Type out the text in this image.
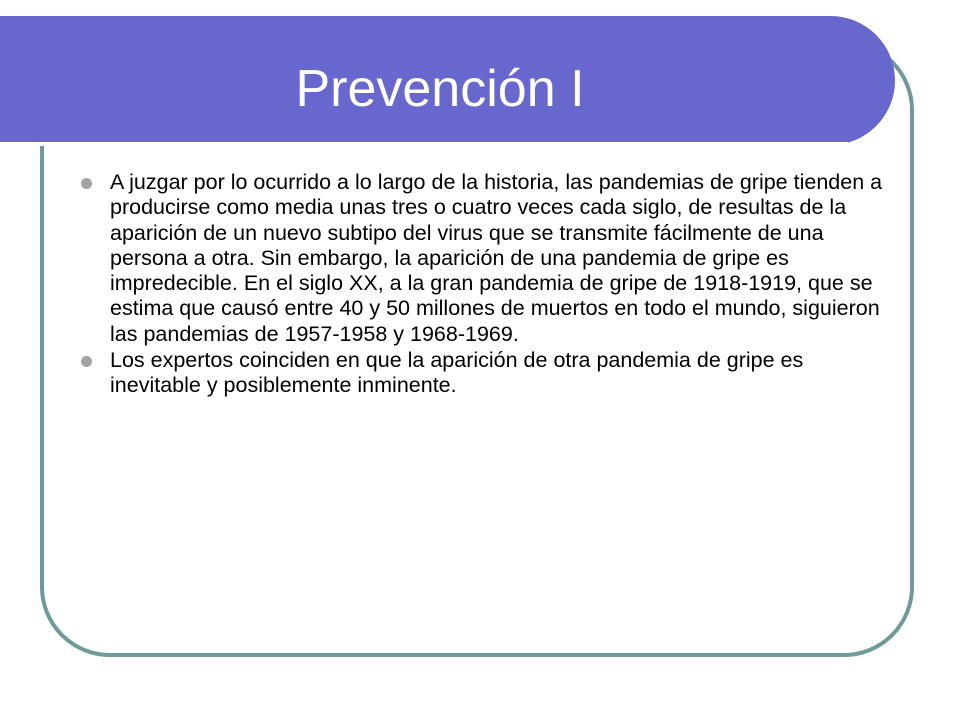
Prevención I
A juzgar por lo ocurrido a lo largo de la historia, las pandemias de gripe tienden a producirse como media unas tres o cuatro veces cada siglo, de resultas de la aparición de un nuevo subtipo del virus que se transmite fácilmente de una persona a otra. Sin embargo, la aparición de una pandemia de gripe es impredecible. En el siglo XX, a la gran pandemia de gripe de 1918-1919, que se estima que causó entre 40 y 50 millones de muertos en todo el mundo, siguieron las pandemias de 1957-1958 y 1968-1969.
Los expertos coinciden en que la aparición de otra pandemia de gripe es inevitable y posiblemente inminente.
